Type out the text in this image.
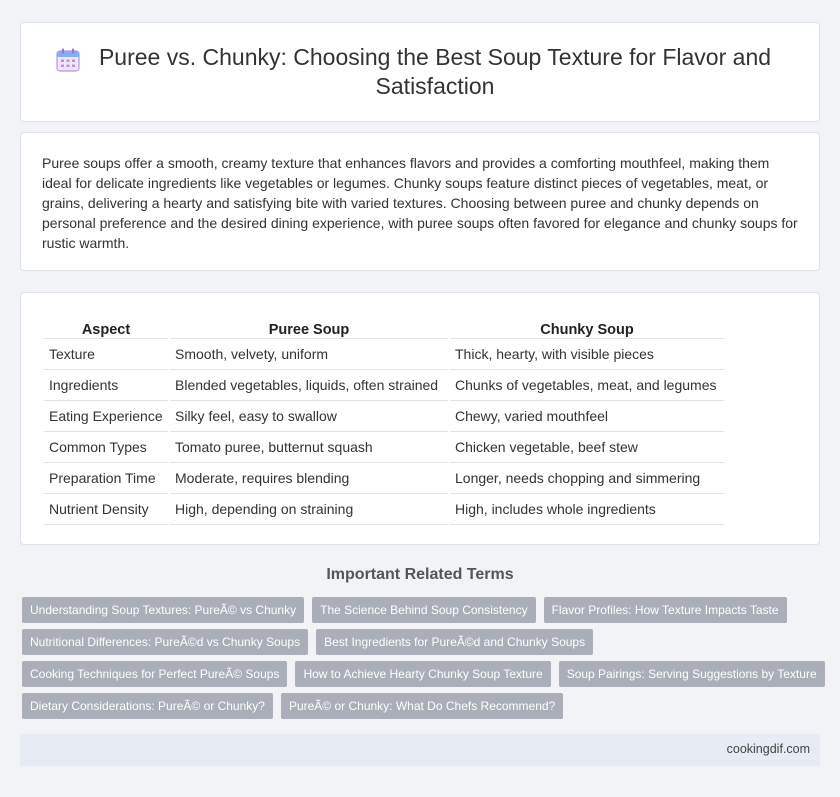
Puree vs. Chunky: Choosing the Best Soup Texture for Flavor and Satisfaction

Puree soups offer a smooth, creamy texture that enhances flavors and provides a comforting mouthfeel, making them ideal for delicate ingredients like vegetables or legumes. Chunky soups feature distinct pieces of vegetables, meat, or grains, delivering a hearty and satisfying bite with varied textures. Choosing between puree and chunky depends on personal preference and the desired dining experience, with puree soups often favored for elegance and chunky soups for rustic warmth.

Aspect	Puree Soup	Chunky Soup
Texture	Smooth, velvety, uniform	Thick, hearty, with visible pieces
Ingredients	Blended vegetables, liquids, often strained	Chunks of vegetables, meat, and legumes
Eating Experience	Silky feel, easy to swallow	Chewy, varied mouthfeel
Common Types	Tomato puree, butternut squash	Chicken vegetable, beef stew
Preparation Time	Moderate, requires blending	Longer, needs chopping and simmering
Nutrient Density	High, depending on straining	High, includes whole ingredients
Important Related Terms
Understanding Soup Textures: PureÃ© vs Chunky	The Science Behind Soup Consistency	Flavor Profiles: How Texture Impacts Taste
Nutritional Differences: PureÃ©d vs Chunky Soups	Best Ingredients for PureÃ©d and Chunky Soups
Cooking Techniques for Perfect PureÃ© Soups	How to Achieve Hearty Chunky Soup Texture	Soup Pairings: Serving Suggestions by Texture
Dietary Considerations: PureÃ© or Chunky?	PureÃ© or Chunky: What Do Chefs Recommend?
cookingdif.com
